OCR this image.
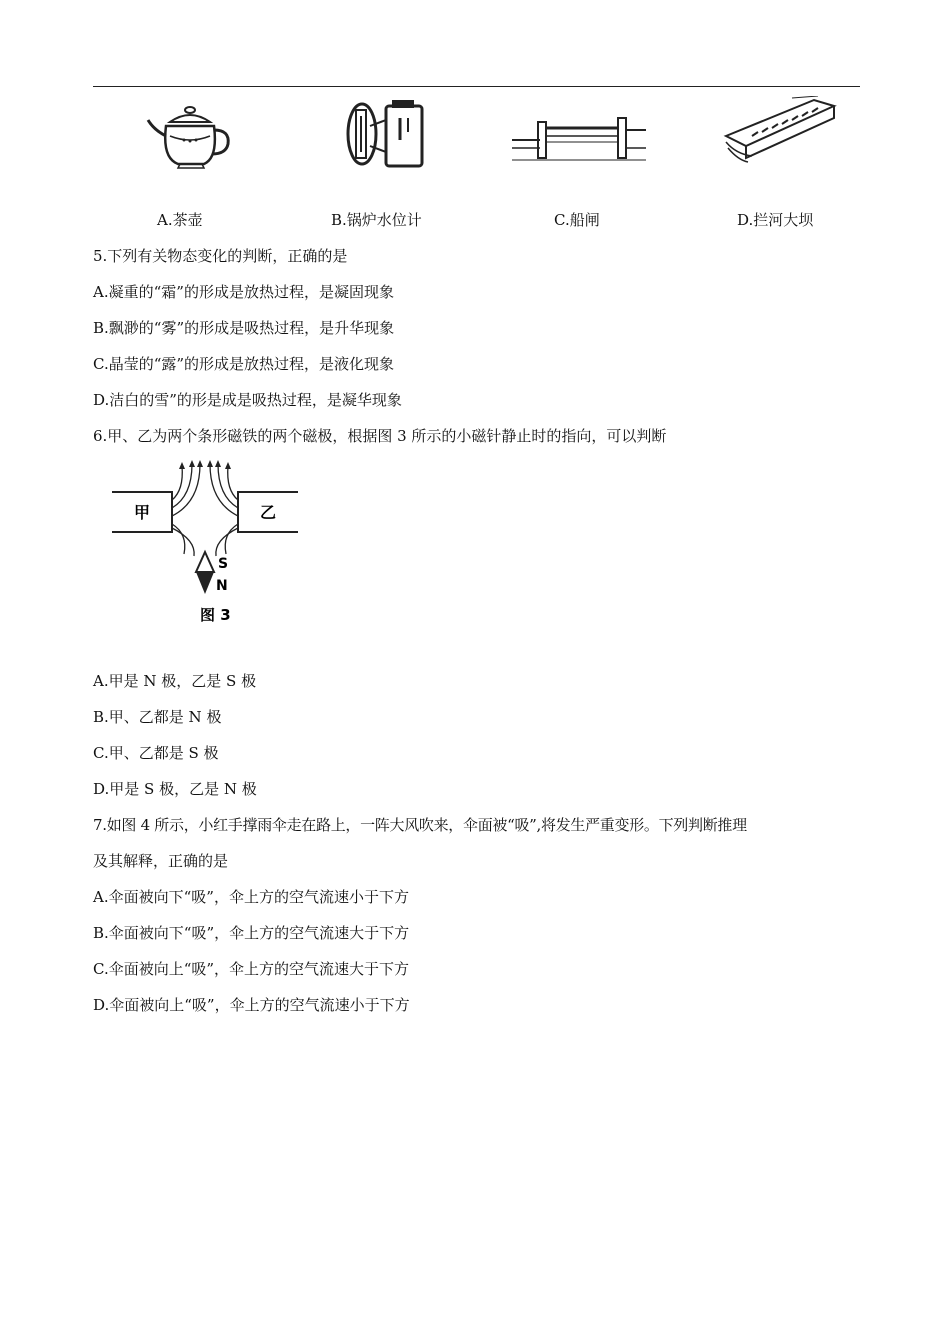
A.茶壶	B.锅炉水位计	C.船闸	D.拦河大坝
5.下列有关物态变化的判断，正确的是
A.凝重的“霜”的形成是放热过程，是凝固现象
B.飘渺的“雾”的形成是吸热过程，是升华现象
C.晶莹的“露”的形成是放热过程，是液化现象
D.洁白的雪”的形是成是吸热过程，是凝华现象
6.甲、乙为两个条形磁铁的两个磁极，根据图 3 所示的小磁针静止时的指向，可以判断
甲	乙
S
N
图 3
A.甲是 N 极，乙是 S 极
B.甲、乙都是 N 极
C.甲、乙都是 S 极
D.甲是 S 极，乙是 N 极
7.如图 4 所示，小红手撑雨伞走在路上，一阵大风吹来，伞面被“吸”,将发生严重变形。下列判断推理
及其解释，正确的是
A.伞面被向下“吸”，伞上方的空气流速小于下方
B.伞面被向下“吸”，伞上方的空气流速大于下方
C.伞面被向上“吸”，伞上方的空气流速大于下方
D.伞面被向上“吸”，伞上方的空气流速小于下方
